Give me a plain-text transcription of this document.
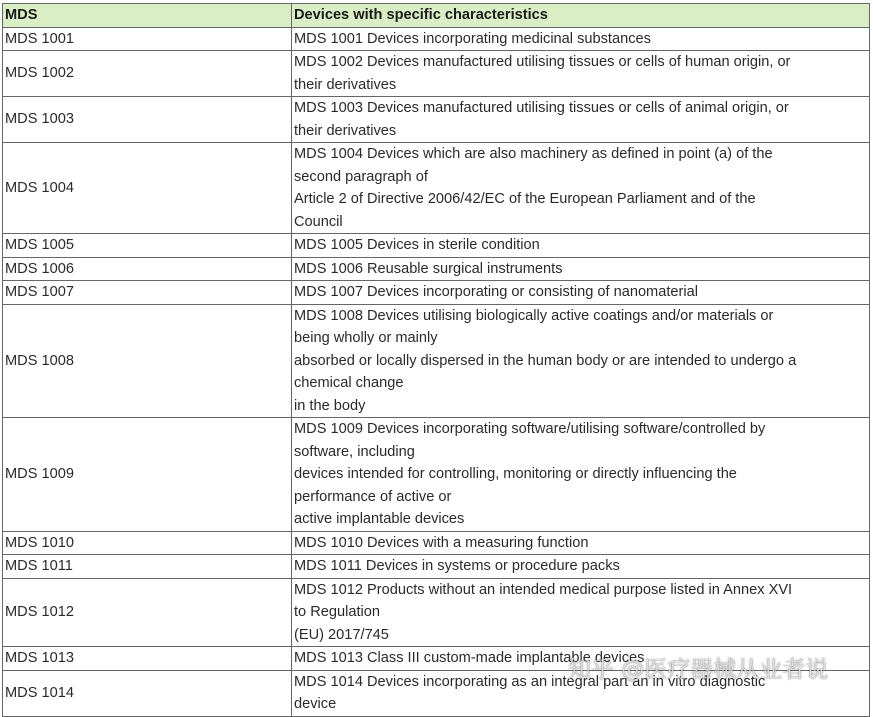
MDS	Devices with specific characteristics
MDS 1001	MDS 1001 Devices incorporating medicinal substances

MDS 1002	MDS 1002 Devices manufactured utilising tissues or cells of human origin, or
their derivatives

MDS 1003	MDS 1003 Devices manufactured utilising tissues or cells of animal origin, or
their derivatives

MDS 1004	MDS 1004 Devices which are also machinery as defined in point (a) of the
second paragraph of
Article 2 of Directive 2006/42/EC of the European Parliament and of the
Council

MDS 1005	MDS 1005 Devices in sterile condition

MDS 1006	MDS 1006 Reusable surgical instruments

MDS 1007	MDS 1007 Devices incorporating or consisting of nanomaterial

MDS 1008	MDS 1008 Devices utilising biologically active coatings and/or materials or
being wholly or mainly
absorbed or locally dispersed in the human body or are intended to undergo a
chemical change
in the body

MDS 1009	MDS 1009 Devices incorporating software/utilising software/controlled by
software, including
devices intended for controlling, monitoring or directly influencing the
performance of active or
active implantable devices

MDS 1010	MDS 1010 Devices with a measuring function

MDS 1011	MDS 1011 Devices in systems or procedure packs

MDS 1012	MDS 1012 Products without an intended medical purpose listed in Annex XVI
to Regulation
(EU) 2017/745

MDS 1013	MDS 1013 Class III custom-made implantable devices

MDS 1014	MDS 1014 Devices incorporating as an integral part an in vitro diagnostic
device
知乎 @医疗器械从业者说
